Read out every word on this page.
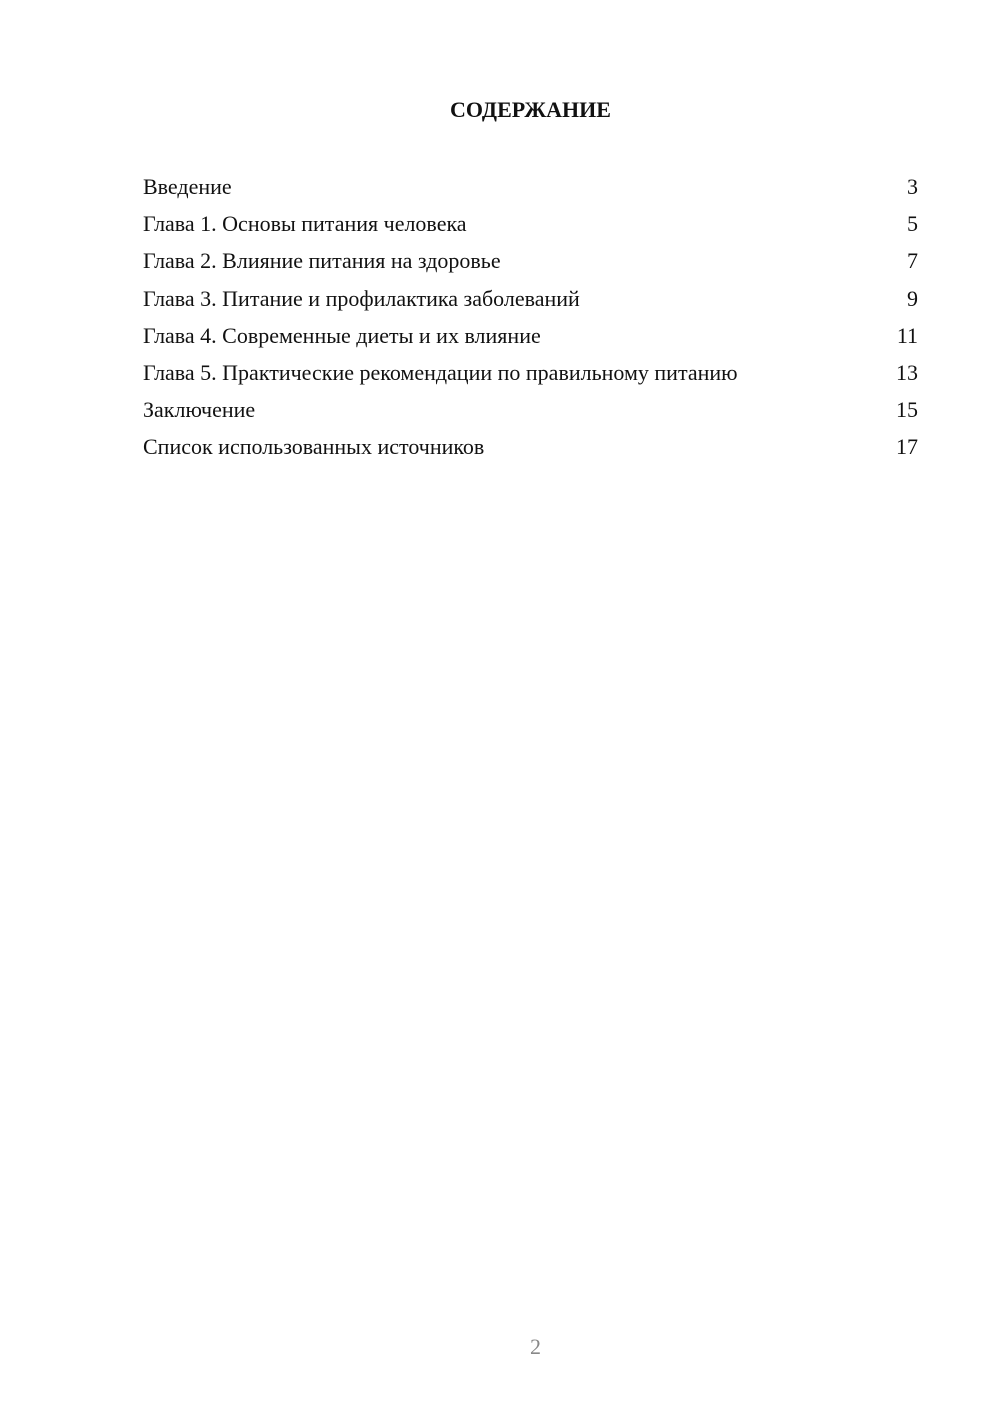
СОДЕРЖАНИЕ
Введение	3
Глава 1. Основы питания человека	5
Глава 2. Влияние питания на здоровье	7
Глава 3. Питание и профилактика заболеваний	9
Глава 4. Современные диеты и их влияние	11
Глава 5. Практические рекомендации по правильному питанию	13
Заключение	15
Список использованных источников	17
2
